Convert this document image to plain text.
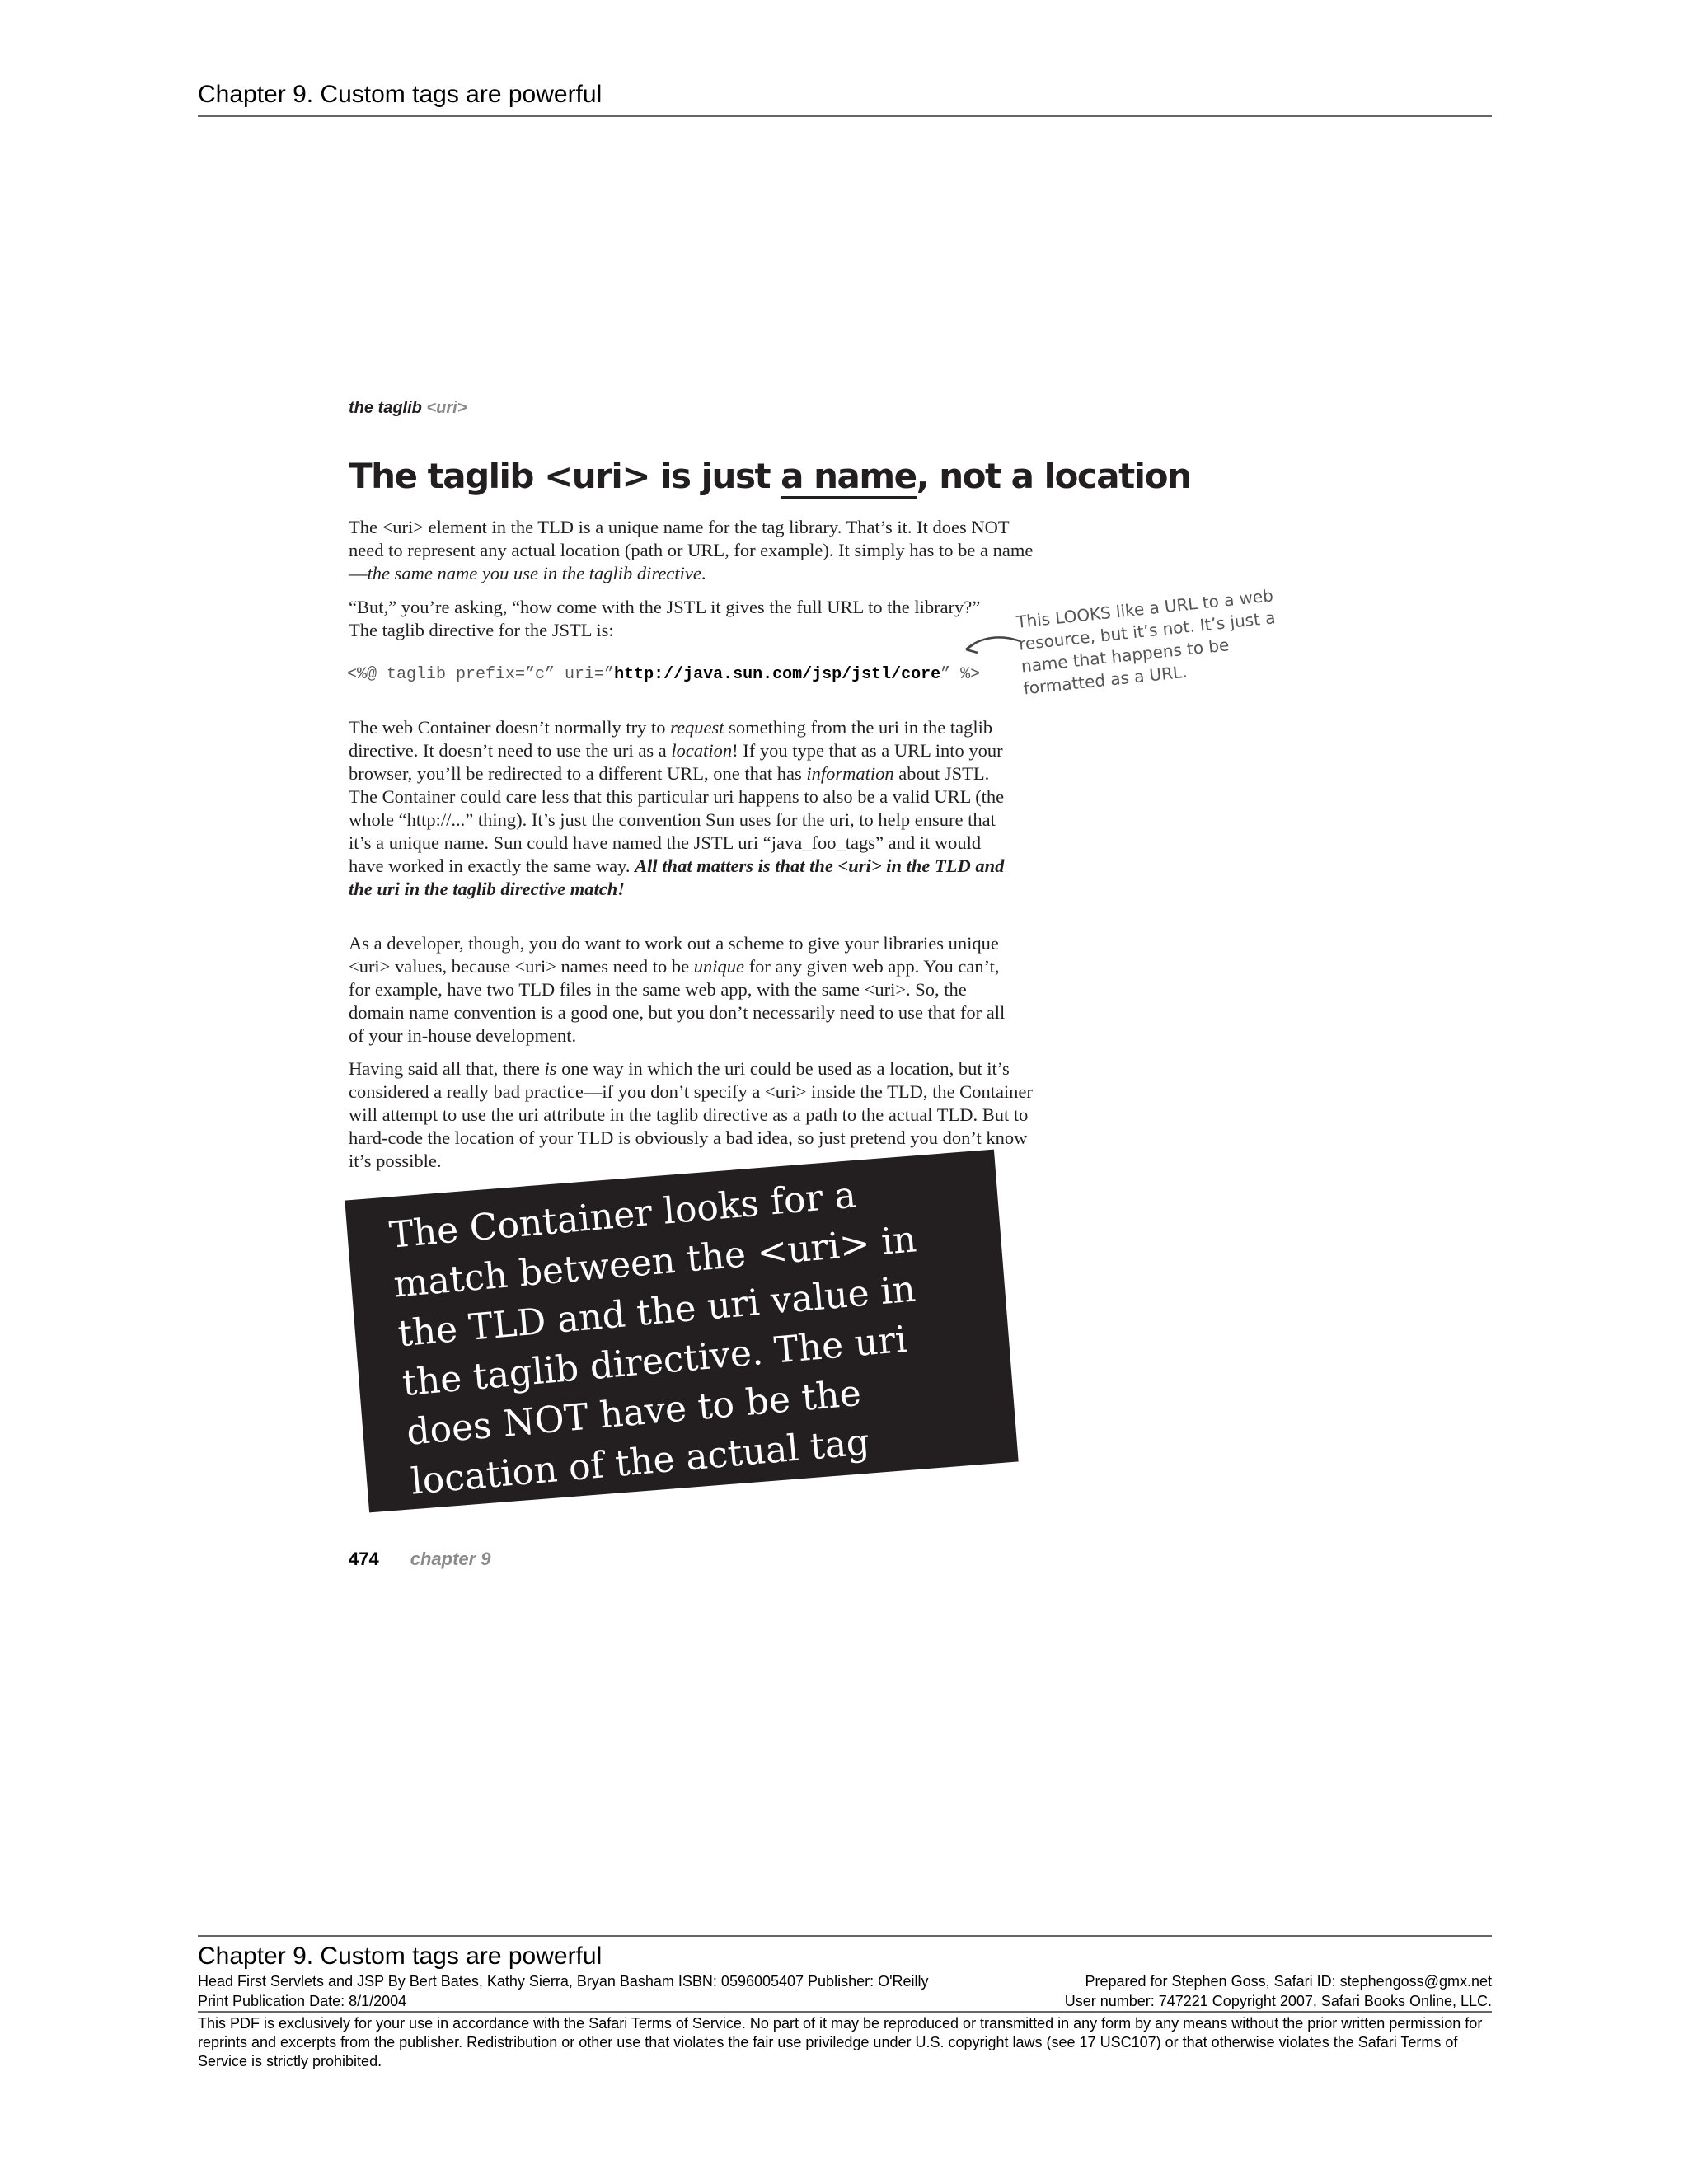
Chapter 9. Custom tags are powerful
the taglib <uri>
The taglib <uri> is just a name, not a location

The <uri> element in the TLD is a unique name for the tag library. That’s it. It does NOT need to represent any actual location (path or URL, for example). It simply has to be a name—the same name you use in the taglib directive.

“But,” you’re asking, “how come with the JSTL it gives the full URL to the library?” The taglib directive for the JSTL is:

<%@ taglib prefix=”c” uri=”http://java.sun.com/jsp/jstl/core” %>
This LOOKS like a URL to a web resource, but it’s not. It’s just a name that happens to be formatted as a URL.

The web Container doesn’t normally try to request something from the uri in the taglib directive. It doesn’t need to use the uri as a location! If you type that as a URL into your browser, you’ll be redirected to a different URL, one that has information about JSTL. The Container could care less that this particular uri happens to also be a valid URL (the whole “http://...” thing). It’s just the convention Sun uses for the uri, to help ensure that it’s a unique name. Sun could have named the JSTL uri “java_foo_tags” and it would have worked in exactly the same way. All that matters is that the <uri> in the TLD and the uri in the taglib directive match!

As a developer, though, you do want to work out a scheme to give your libraries unique <uri> values, because <uri> names need to be unique for any given web app. You can’t, for example, have two TLD files in the same web app, with the same <uri>. So, the domain name convention is a good one, but you don’t necessarily need to use that for all of your in-house development.

Having said all that, there is one way in which the uri could be used as a location, but it’s considered a really bad practice—if you don’t specify a <uri> inside the TLD, the Container will attempt to use the uri attribute in the taglib directive as a path to the actual TLD. But to hard-code the location of your TLD is obviously a bad idea, so just pretend you don’t know it’s possible.

The Container looks for a match between the <uri> in the TLD and the uri value in the taglib directive. The uri does NOT have to be the location of the actual tag handler!
474 chapter 9
Chapter 9. Custom tags are powerful
Head First Servlets and JSP By Bert Bates, Kathy Sierra, Bryan Basham ISBN: 0596005407 Publisher: O'Reilly	Prepared for Stephen Goss, Safari ID: stephengoss@gmx.net
Print Publication Date: 8/1/2004	User number: 747221 Copyright 2007, Safari Books Online, LLC.
This PDF is exclusively for your use in accordance with the Safari Terms of Service. No part of it may be reproduced or transmitted in any form by any means without the prior written permission for reprints and excerpts from the publisher. Redistribution or other use that violates the fair use priviledge under U.S. copyright laws (see 17 USC107) or that otherwise violates the Safari Terms of Service is strictly prohibited.
